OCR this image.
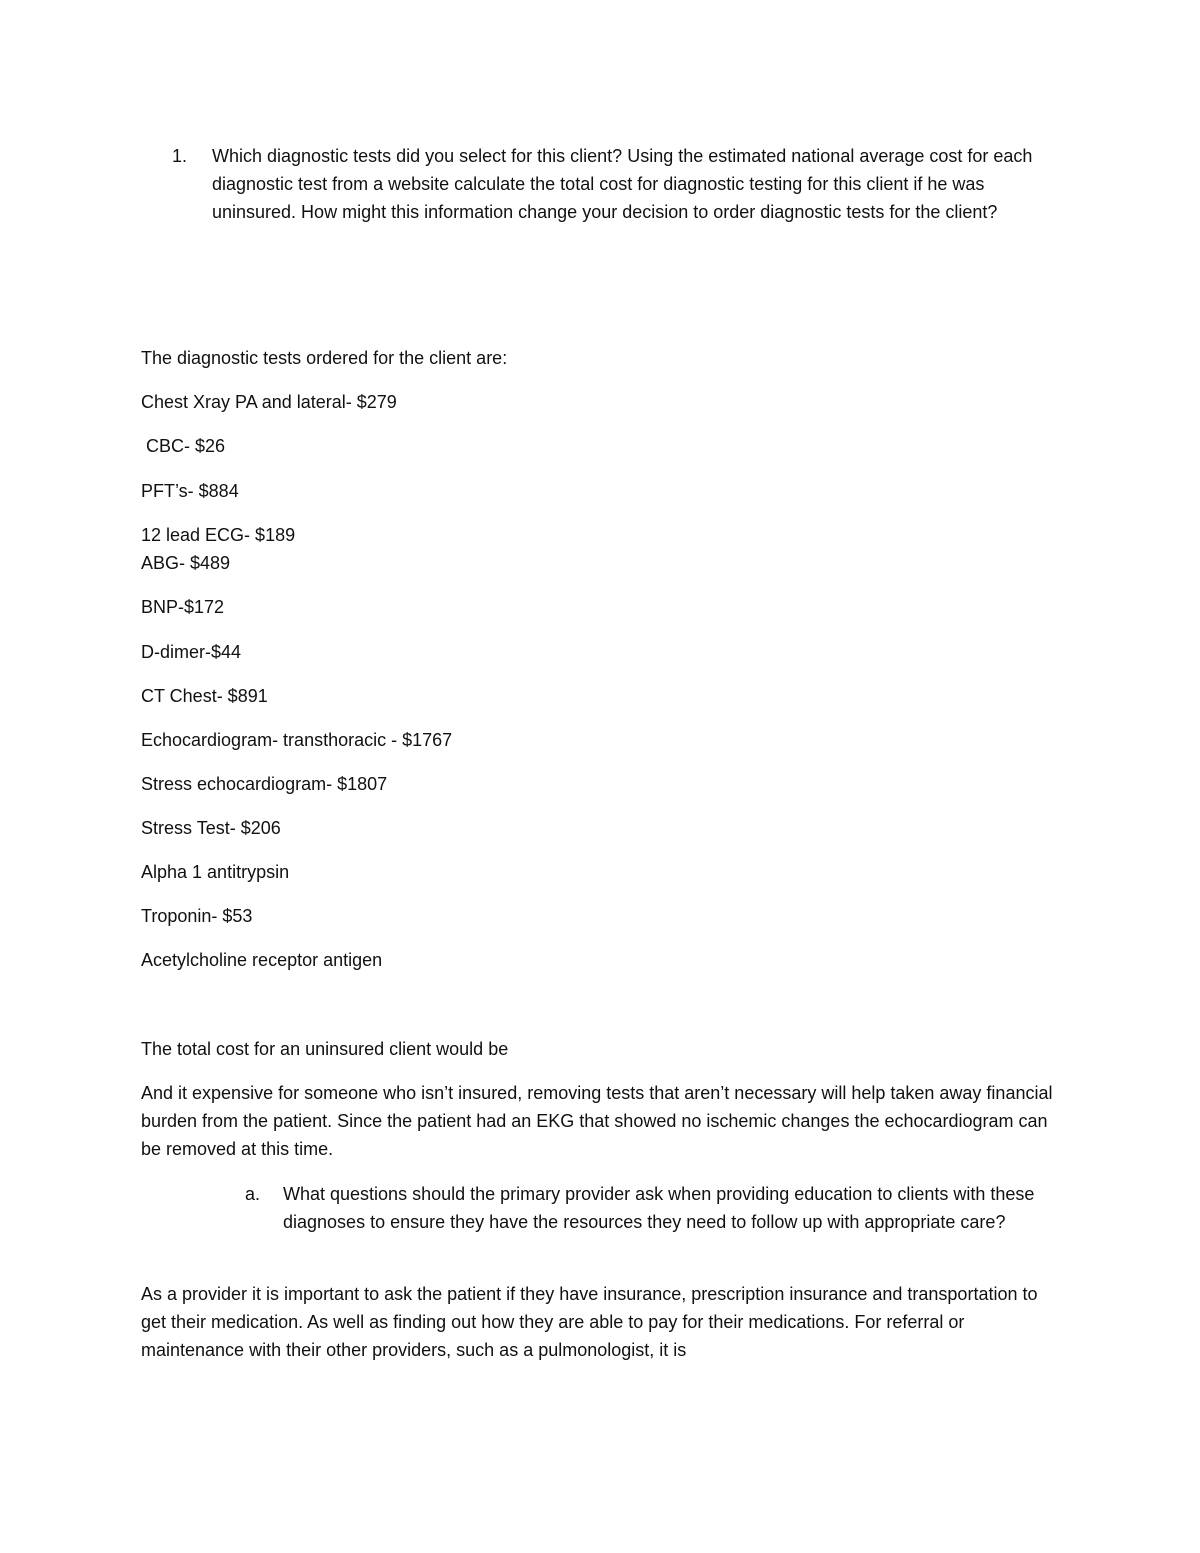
1.	Which diagnostic tests did you select for this client? Using the estimated national average cost for each diagnostic test from a website calculate the total cost for diagnostic testing for this client if he was uninsured. How might this information change your decision to order diagnostic tests for the client?
The diagnostic tests ordered for the client are:
Chest Xray PA and lateral- $279
CBC- $26
PFT’s- $884
12 lead ECG- $189
ABG- $489
BNP-$172
D-dimer-$44
CT Chest- $891
Echocardiogram- transthoracic - $1767
Stress echocardiogram- $1807
Stress Test- $206
Alpha 1 antitrypsin
Troponin- $53
Acetylcholine receptor antigen
The total cost for an uninsured client would be

And it expensive for someone who isn’t insured, removing tests that aren’t necessary will help taken away financial burden from the patient. Since the patient had an EKG that showed no ischemic changes the echocardiogram can be removed at this time.

a.	What questions should the primary provider ask when providing education to clients with these diagnoses to ensure they have the resources they need to follow up with appropriate care?

As a provider it is important to ask the patient if they have insurance, prescription insurance and transportation to get their medication. As well as finding out how they are able to pay for their medications. For referral or maintenance with their other providers, such as a pulmonologist, it is
